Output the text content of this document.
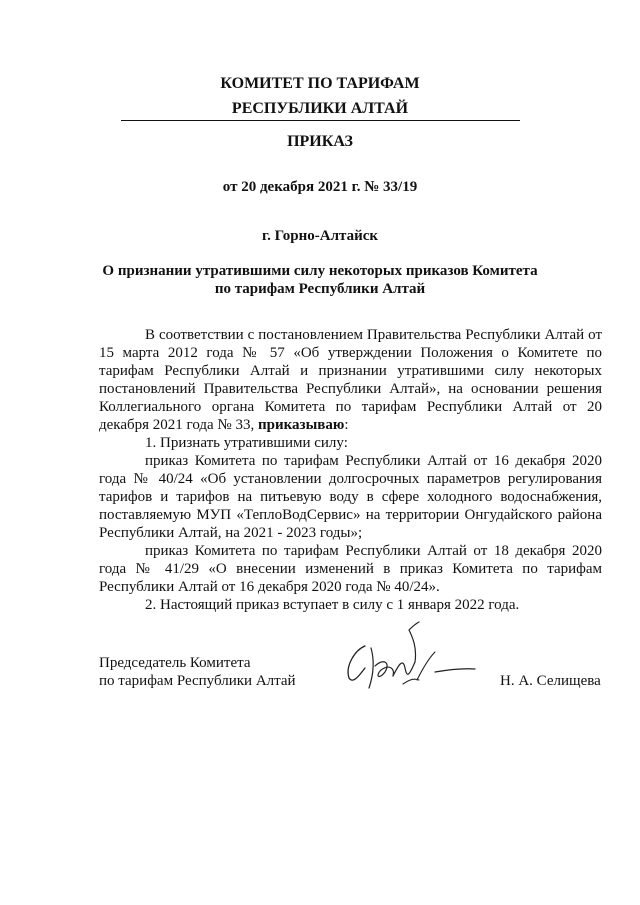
КОМИТЕТ ПО ТАРИФАМ
РЕСПУБЛИКИ АЛТАЙ
ПРИКАЗ
от 20 декабря 2021 г. № 33/19
г. Горно-Алтайск
О признании утратившими силу некоторых приказов Комитета
по тарифам Республики Алтай
В соответствии с постановлением Правительства Республики Алтай от 15 марта 2012 года № 57 «Об утверждении Положения о Комитете по тарифам Республики Алтай и признании утратившими силу некоторых постановлений Правительства Республики Алтай», на основании решения Коллегиального органа Комитета по тарифам Республики Алтай от 20 декабря 2021 года № 33, приказываю:
1. Признать утратившими силу:
приказ Комитета по тарифам Республики Алтай от 16 декабря 2020 года № 40/24 «Об установлении долгосрочных параметров регулирования тарифов и тарифов на питьевую воду в сфере холодного водоснабжения, поставляемую МУП «ТеплоВодСервис» на территории Онгудайского района Республики Алтай, на 2021 - 2023 годы»;
приказ Комитета по тарифам Республики Алтай от 18 декабря 2020 года № 41/29 «О внесении изменений в приказ Комитета по тарифам Республики Алтай от 16 декабря 2020 года № 40/24».
2. Настоящий приказ вступает в силу с 1 января 2022 года.
Председатель Комитета
по тарифам Республики Алтай	Н. А. Селищева
